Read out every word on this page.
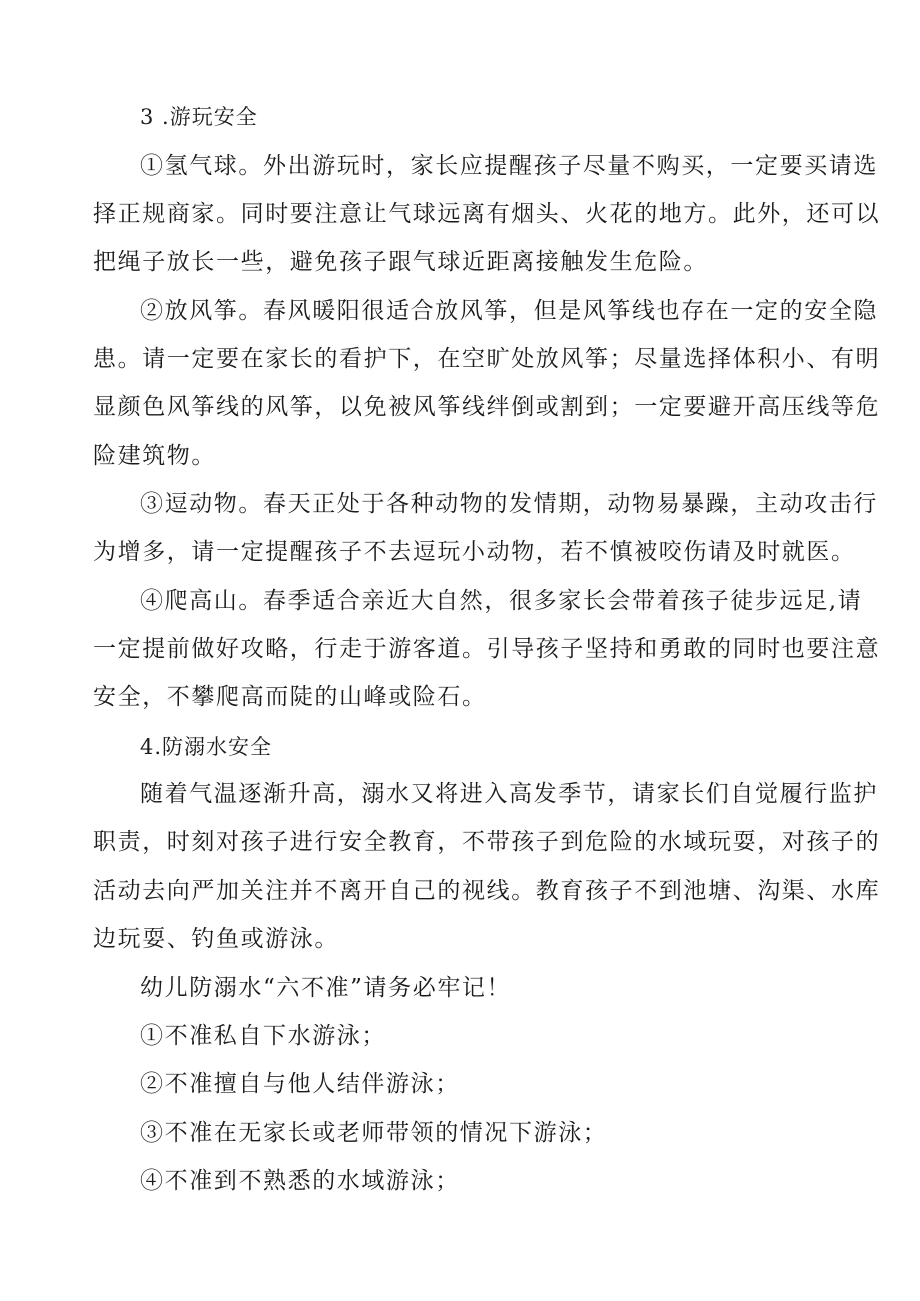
3 .游玩安全
①氢气球。外出游玩时，家长应提醒孩子尽量不购买，一定要买请选
择正规商家。同时要注意让气球远离有烟头、火花的地方。此外，还可以
把绳子放长一些，避免孩子跟气球近距离接触发生危险。
②放风筝。春风暖阳很适合放风筝，但是风筝线也存在一定的安全隐
患。请一定要在家长的看护下，在空旷处放风筝；尽量选择体积小、有明
显颜色风筝线的风筝，以免被风筝线绊倒或割到；一定要避开高压线等危
险建筑物。
③逗动物。春天正处于各种动物的发情期，动物易暴躁，主动攻击行
为增多，请一定提醒孩子不去逗玩小动物，若不慎被咬伤请及时就医。
④爬高山。春季适合亲近大自然，很多家长会带着孩子徒步远足,请
一定提前做好攻略，行走于游客道。引导孩子坚持和勇敢的同时也要注意
安全，不攀爬高而陡的山峰或险石。
4.防溺水安全
随着气温逐渐升高，溺水又将进入高发季节，请家长们自觉履行监护
职责，时刻对孩子进行安全教育，不带孩子到危险的水域玩耍，对孩子的
活动去向严加关注并不离开自己的视线。教育孩子不到池塘、沟渠、水库
边玩耍、钓鱼或游泳。
幼儿防溺水“六不准”请务必牢记！
①不准私自下水游泳；
②不准擅自与他人结伴游泳；
③不准在无家长或老师带领的情况下游泳；
④不准到不熟悉的水域游泳；
